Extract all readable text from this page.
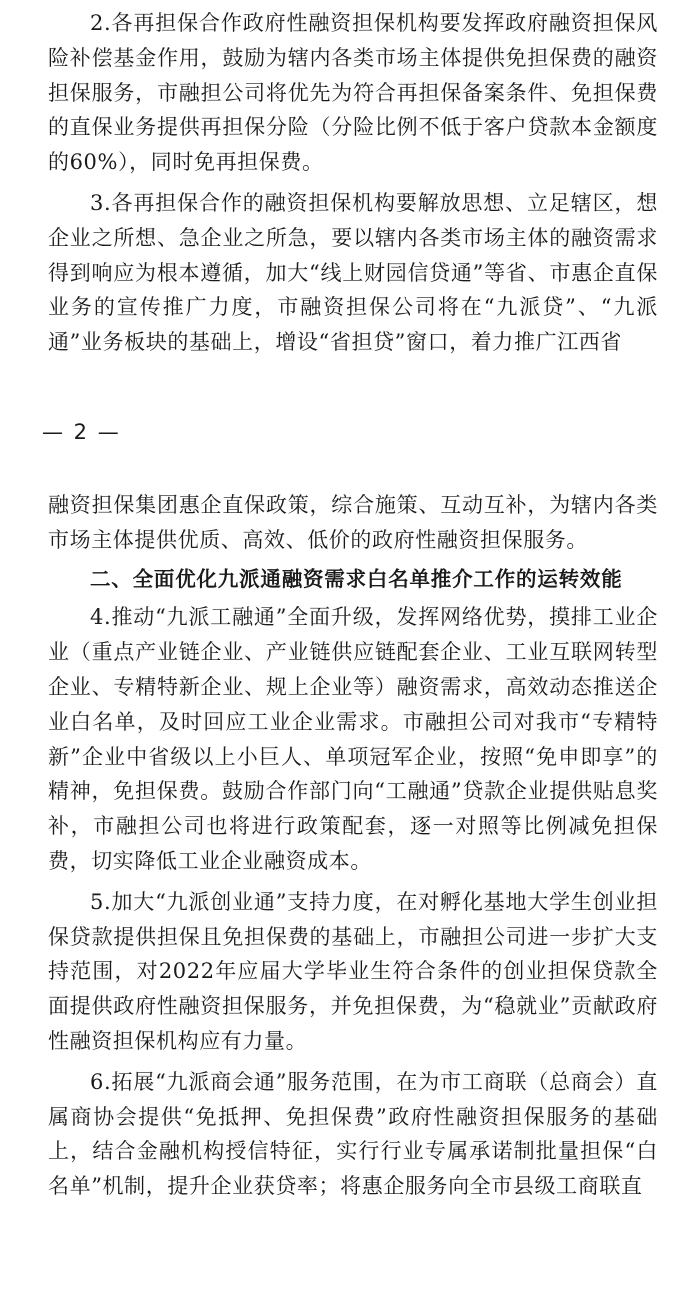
2.各再担保合作政府性融资担保机构要发挥政府融资担保风险补偿基金作用，鼓励为辖内各类市场主体提供免担保费的融资担保服务，市融担公司将优先为符合再担保备案条件、免担保费的直保业务提供再担保分险（分险比例不低于客户贷款本金额度的60%），同时免再担保费。

3.各再担保合作的融资担保机构要解放思想、立足辖区，想企业之所想、急企业之所急，要以辖内各类市场主体的融资需求得到响应为根本遵循，加大“线上财园信贷通”等省、市惠企直保业务的宣传推广力度，市融资担保公司将在“九派贷”、“九派通”业务板块的基础上，增设“省担贷”窗口，着力推广江西省

— 2 —

融资担保集团惠企直保政策，综合施策、互动互补，为辖内各类市场主体提供优质、高效、低价的政府性融资担保服务。

二、全面优化九派通融资需求白名单推介工作的运转效能

4.推动“九派工融通”全面升级，发挥网络优势，摸排工业企业（重点产业链企业、产业链供应链配套企业、工业互联网转型企业、专精特新企业、规上企业等）融资需求，高效动态推送企业白名单，及时回应工业企业需求。市融担公司对我市“专精特新”企业中省级以上小巨人、单项冠军企业，按照“免申即享”的精神，免担保费。鼓励合作部门向“工融通”贷款企业提供贴息奖补，市融担公司也将进行政策配套，逐一对照等比例减免担保费，切实降低工业企业融资成本。

5.加大“九派创业通”支持力度，在对孵化基地大学生创业担保贷款提供担保且免担保费的基础上，市融担公司进一步扩大支持范围，对2022年应届大学毕业生符合条件的创业担保贷款全面提供政府性融资担保服务，并免担保费，为“稳就业”贡献政府性融资担保机构应有力量。

6.拓展“九派商会通”服务范围，在为市工商联（总商会）直属商协会提供“免抵押、免担保费”政府性融资担保服务的基础上，结合金融机构授信特征，实行行业专属承诺制批量担保“白名单”机制，提升企业获贷率；将惠企服务向全市县级工商联直
